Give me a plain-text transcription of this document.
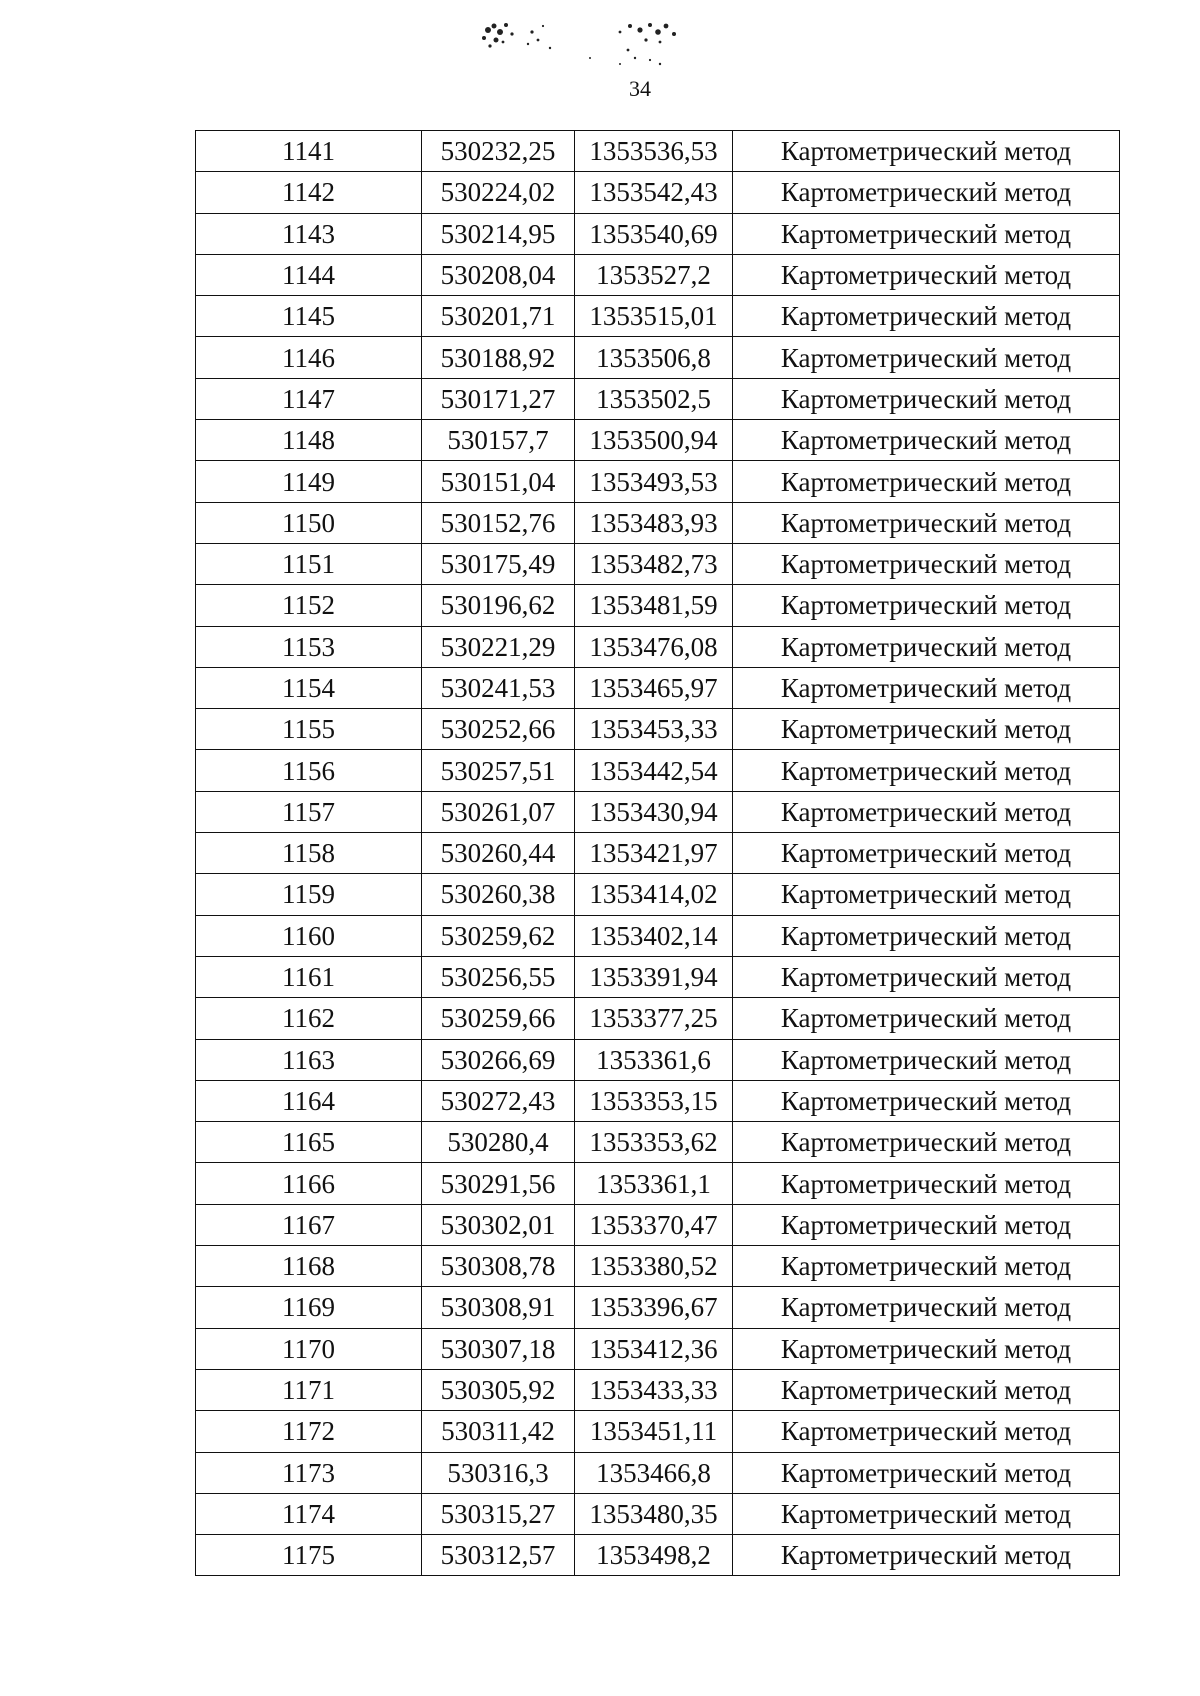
34
1141	530232,25	1353536,53	Картометрический метод
1142	530224,02	1353542,43	Картометрический метод
1143	530214,95	1353540,69	Картометрический метод
1144	530208,04	1353527,2	Картометрический метод
1145	530201,71	1353515,01	Картометрический метод
1146	530188,92	1353506,8	Картометрический метод
1147	530171,27	1353502,5	Картометрический метод
1148	530157,7	1353500,94	Картометрический метод
1149	530151,04	1353493,53	Картометрический метод
1150	530152,76	1353483,93	Картометрический метод
1151	530175,49	1353482,73	Картометрический метод
1152	530196,62	1353481,59	Картометрический метод
1153	530221,29	1353476,08	Картометрический метод
1154	530241,53	1353465,97	Картометрический метод
1155	530252,66	1353453,33	Картометрический метод
1156	530257,51	1353442,54	Картометрический метод
1157	530261,07	1353430,94	Картометрический метод
1158	530260,44	1353421,97	Картометрический метод
1159	530260,38	1353414,02	Картометрический метод
1160	530259,62	1353402,14	Картометрический метод
1161	530256,55	1353391,94	Картометрический метод
1162	530259,66	1353377,25	Картометрический метод
1163	530266,69	1353361,6	Картометрический метод
1164	530272,43	1353353,15	Картометрический метод
1165	530280,4	1353353,62	Картометрический метод
1166	530291,56	1353361,1	Картометрический метод
1167	530302,01	1353370,47	Картометрический метод
1168	530308,78	1353380,52	Картометрический метод
1169	530308,91	1353396,67	Картометрический метод
1170	530307,18	1353412,36	Картометрический метод
1171	530305,92	1353433,33	Картометрический метод
1172	530311,42	1353451,11	Картометрический метод
1173	530316,3	1353466,8	Картометрический метод
1174	530315,27	1353480,35	Картометрический метод
1175	530312,57	1353498,2	Картометрический метод
